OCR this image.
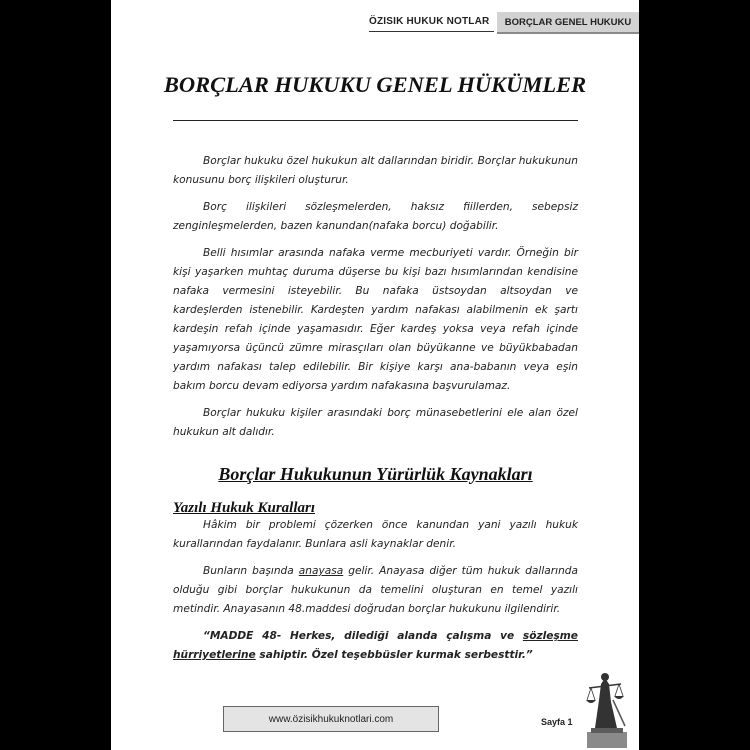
ÖZISIK HUKUK NOTLAR BORÇLAR GENEL HUKUKU
BORÇLAR HUKUKU GENEL HÜKÜMLER

Borçlar hukuku özel hukukun alt dallarından biridir. Borçlar hukukunun konusunu borç ilişkileri oluşturur.

Borç ilişkileri sözleşmelerden, haksız fiillerden, sebepsiz zenginleşmelerden, bazen kanundan(nafaka borcu) doğabilir.

Belli hısımlar arasında nafaka verme mecburiyeti vardır. Örneğin bir kişi yaşarken muhtaç duruma düşerse bu kişi bazı hısımlarından kendisine nafaka vermesini isteyebilir. Bu nafaka üstsoydan altsoydan ve kardeşlerden istenebilir. Kardeşten yardım nafakası alabilmenin ek şartı kardeşin refah içinde yaşamasıdır. Eğer kardeş yoksa veya refah içinde yaşamıyorsa üçüncü zümre mirasçıları olan büyükanne ve büyükbabadan yardım nafakası talep edilebilir. Bir kişiye karşı ana-babanın veya eşin bakım borcu devam ediyorsa yardım nafakasına başvurulamaz.

Borçlar hukuku kişiler arasındaki borç münasebetlerini ele alan özel hukukun alt dalıdır.

Borçlar Hukukunun Yürürlük Kaynakları
Yazılı Hukuk Kuralları

Hâkim bir problemi çözerken önce kanundan yani yazılı hukuk kurallarından faydalanır. Bunlara asli kaynaklar denir.

Bunların başında anayasa gelir. Anayasa diğer tüm hukuk dallarında olduğu gibi borçlar hukukunun da temelini oluşturan en temel yazılı metindir. Anayasanın 48.maddesi doğrudan borçlar hukukunu ilgilendirir.

“MADDE 48- Herkes, dilediği alanda çalışma ve sözleşme hürriyetlerine sahiptir. Özel teşebbüsler kurmak serbesttir.”

www.özisikhukuknotlari.com	Sayfa 1
